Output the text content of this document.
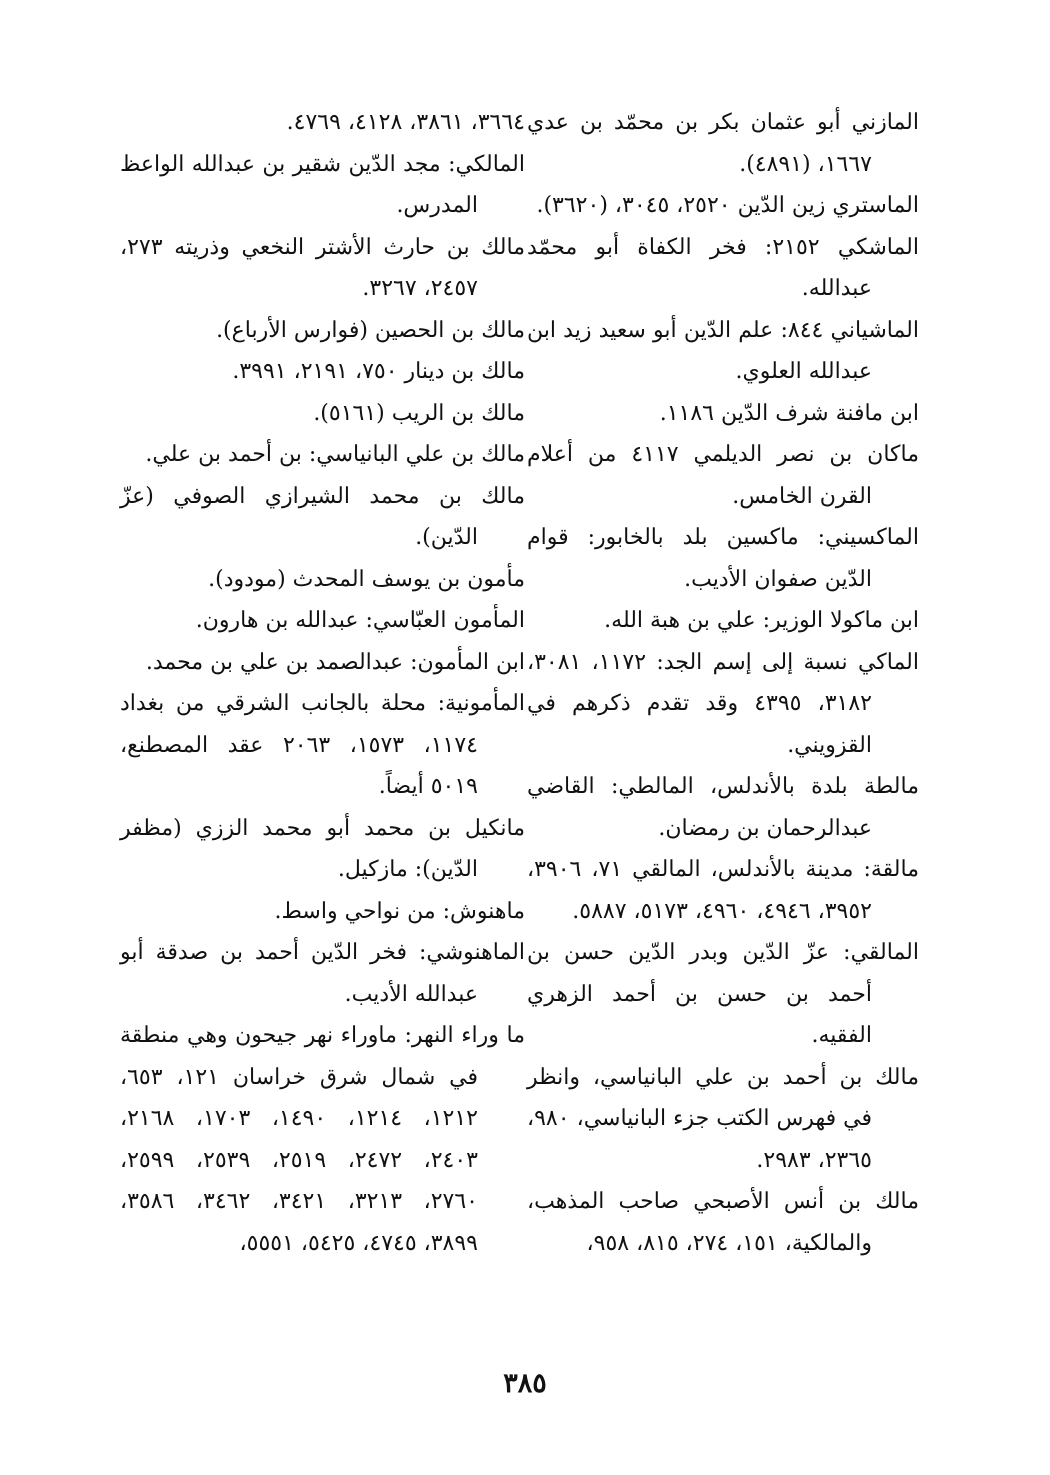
المازني أبو عثمان بكر بن محمّد بن عدي ١٦٦٧، (٤٨٩١).

الماستري زين الدّين ٢٥٢٠، ٣٠٤٥، (٣٦٢٠).

الماشكي ٢١٥٢: فخر الكفاة أبو محمّد عبدالله.

الماشياني ٨٤٤: علم الدّين أبو سعيد زيد ابن عبدالله العلوي.

ابن مافنة شرف الدّين ١١٨٦.

ماكان بن نصر الديلمي ٤١١٧ من أعلام القرن الخامس.

الماكسيني: ماكسين بلد بالخابور: قوام الدّين صفوان الأديب.

ابن ماكولا الوزير: علي بن هبة الله.

الماكي نسبة إلى إسم الجد: ١١٧٢، ٣٠٨١، ٣١٨٢، ٤٣٩٥ وقد تقدم ذكرهم في القزويني.

مالطة بلدة بالأندلس، المالطي: القاضي عبدالرحمان بن رمضان.

مالقة: مدينة بالأندلس، المالقي ٧١، ٣٩٠٦، ٣٩٥٢، ٤٩٤٦، ٤٩٦٠، ٥١٧٣، ٥٨٨٧.

المالقي: عزّ الدّين وبدر الدّين حسن بن أحمد بن حسن بن أحمد الزهري الفقيه.

مالك بن أحمد بن علي البانياسي، وانظر في فهرس الكتب جزء البانياسي، ٩٨٠، ٢٣٦٥، ٢٩٨٣.

مالك بن أنس الأصبحي صاحب المذهب، والمالكية، ١٥١، ٢٧٤، ٨١٥، ٩٥٨،

٣٦٦٤، ٣٨٦١، ٤١٢٨، ٤٧٦٩.

المالكي: مجد الدّين شقير بن عبدالله الواعظ المدرس.

مالك بن حارث الأشتر النخعي وذريته ٢٧٣، ٢٤٥٧، ٣٢٦٧.

مالك بن الحصين (فوارس الأرباع).

مالك بن دينار ٧٥٠، ٢١٩١، ٣٩٩١.

مالك بن الريب (٥١٦١).

مالك بن علي البانياسي: بن أحمد بن علي.

مالك بن محمد الشيرازي الصوفي (عزّ الدّين).

مأمون بن يوسف المحدث (مودود).

المأمون العبّاسي: عبدالله بن هارون.

ابن المأمون: عبدالصمد بن علي بن محمد.

المأمونية: محلة بالجانب الشرقي من بغداد ١١٧٤، ١٥٧٣، ٢٠٦٣ عقد المصطنع، ٥٠١٩ أيضاً.

مانكيل بن محمد أبو محمد الززي (مظفر الدّين): مازكيل.

ماهنوش: من نواحي واسط.

الماهنوشي: فخر الدّين أحمد بن صدقة أبو عبدالله الأديب.

ما وراء النهر: ماوراء نهر جيحون وهي منطقة في شمال شرق خراسان ١٢١، ٦٥٣، ١٢١٢، ١٢١٤، ١٤٩٠، ١٧٠٣، ٢١٦٨، ٢٤٠٣، ٢٤٧٢، ٢٥١٩، ٢٥٣٩، ٢٥٩٩، ٢٧٦٠، ٣٢١٣، ٣٤٢١، ٣٤٦٢، ٣٥٨٦، ٣٨٩٩، ٤٧٤٥، ٥٤٢٥، ٥٥٥١،

٣٨٥
